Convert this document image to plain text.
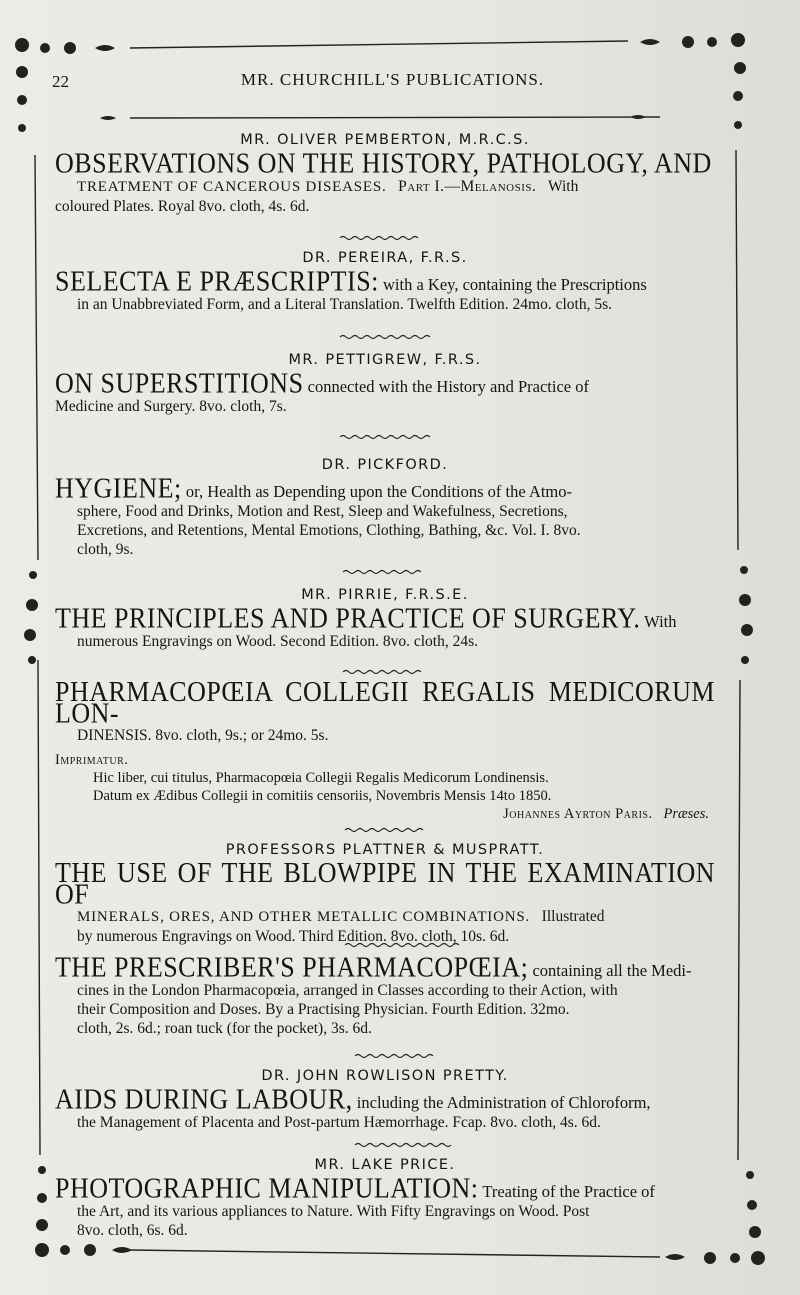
22	MR. CHURCHILL'S PUBLICATIONS.
MR. OLIVER PEMBERTON, M.R.C.S.
OBSERVATIONS ON THE HISTORY, PATHOLOGY, AND
TREATMENT OF CANCEROUS DISEASES. Part I.—Melanosis. With
coloured Plates. Royal 8vo. cloth, 4s. 6d.
DR. PEREIRA, F.R.S.
SELECTA E PRÆSCRIPTIS: with a Key, containing the Prescriptions
in an Unabbreviated Form, and a Literal Translation. Twelfth Edition. 24mo. cloth, 5s.
MR. PETTIGREW, F.R.S.
ON SUPERSTITIONS connected with the History and Practice of
Medicine and Surgery. 8vo. cloth, 7s.
DR. PICKFORD.
HYGIENE; or, Health as Depending upon the Conditions of the Atmo-
sphere, Food and Drinks, Motion and Rest, Sleep and Wakefulness, Secretions,
Excretions, and Retentions, Mental Emotions, Clothing, Bathing, &c. Vol. I. 8vo.
cloth, 9s.
MR. PIRRIE, F.R.S.E.
THE PRINCIPLES AND PRACTICE OF SURGERY. With
numerous Engravings on Wood. Second Edition. 8vo. cloth, 24s.
PHARMACOPŒIA COLLEGII REGALIS MEDICORUM LON-
DINENSIS. 8vo. cloth, 9s.; or 24mo. 5s.
Imprimatur.
Hic liber, cui titulus, Pharmacopœia Collegii Regalis Medicorum Londinensis.
Datum ex Ædibus Collegii in comitiis censoriis, Novembris Mensis 14to 1850.
Johannes Ayrton Paris. Præses.
PROFESSORS PLATTNER & MUSPRATT.
THE USE OF THE BLOWPIPE IN THE EXAMINATION OF
MINERALS, ORES, AND OTHER METALLIC COMBINATIONS. Illustrated
by numerous Engravings on Wood. Third Edition. 8vo. cloth, 10s. 6d.
THE PRESCRIBER'S PHARMACOPŒIA; containing all the Medi-
cines in the London Pharmacopœia, arranged in Classes according to their Action, with
their Composition and Doses. By a Practising Physician. Fourth Edition. 32mo.
cloth, 2s. 6d.; roan tuck (for the pocket), 3s. 6d.
DR. JOHN ROWLISON PRETTY.
AIDS DURING LABOUR, including the Administration of Chloroform,
the Management of Placenta and Post-partum Hæmorrhage. Fcap. 8vo. cloth, 4s. 6d.
MR. LAKE PRICE.
PHOTOGRAPHIC MANIPULATION: Treating of the Practice of
the Art, and its various appliances to Nature. With Fifty Engravings on Wood. Post
8vo. cloth, 6s. 6d.
